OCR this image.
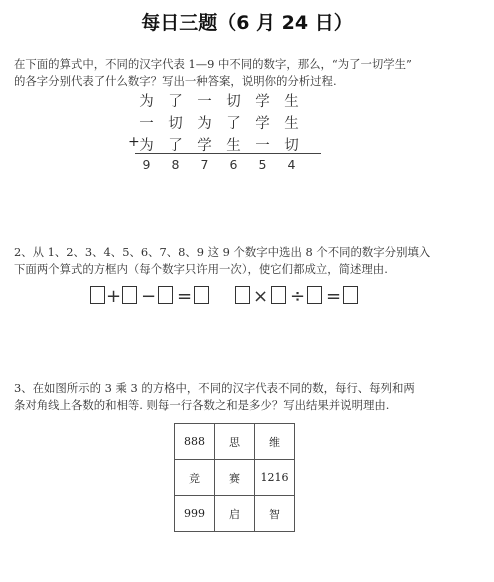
每日三题（6 月 24 日）
在下面的算式中，不同的汉字代表 1—9 中不同的数字，那么，“为了一切学生”
的各字分别代表了什么数字？写出一种答案，说明你的分析过程.
为 了 一 切 学 生
一 切 为 了 学 生
为 了 学 生 一 切
+
9 8 7 6 5 4
2、从 1、2、3、4、5、6、7、8、9 这 9 个数字中选出 8 个不同的数字分别填入
下面两个算式的方框内（每个数字只许用一次），使它们都成立，简述理由.
+ − =	× ÷ =
3、在如图所示的 3 乘 3 的方格中，不同的汉字代表不同的数，每行、每列和两
条对角线上各数的和相等. 则每一行各数之和是多少？写出结果并说明理由.
888	思	维
竞	赛	1216
999	启	智
